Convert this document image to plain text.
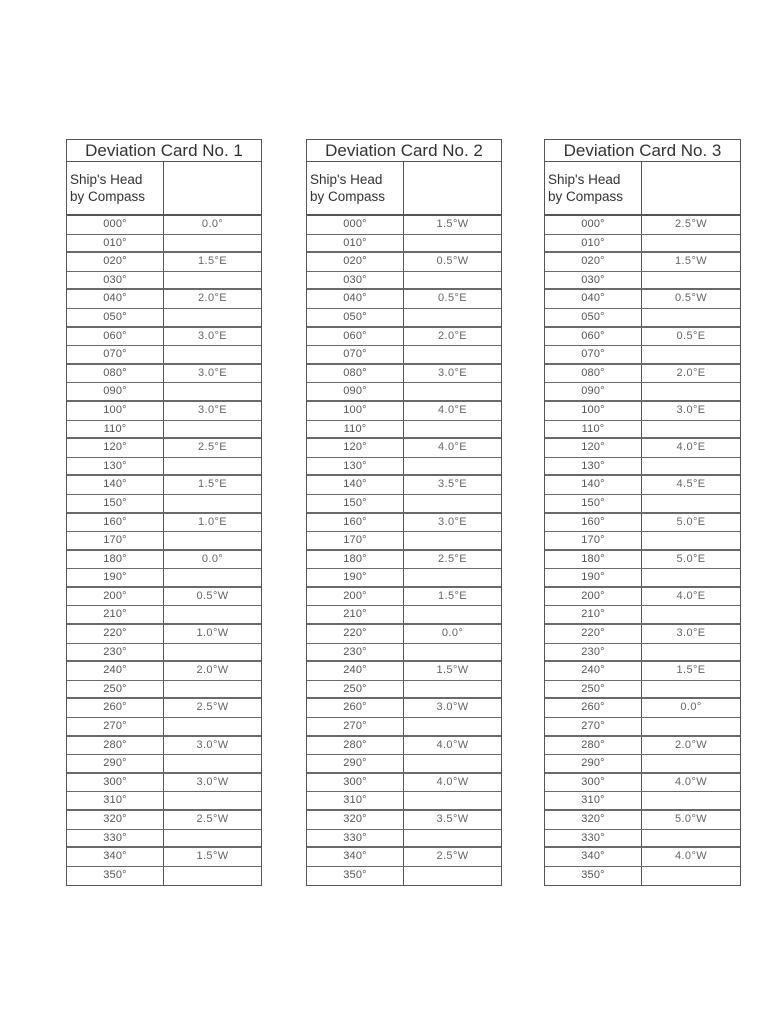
Deviation Card No. 1
Ship's Head
by Compass
000°	0.0°
010°
020°	1.5°E
030°
040°	2.0°E
050°
060°	3.0°E
070°
080°	3.0°E
090°
100°	3.0°E
110°
120°	2.5°E
130°
140°	1.5°E
150°
160°	1.0°E
170°
180°	0.0°
190°
200°	0.5°W
210°
220°	1.0°W
230°
240°	2.0°W
250°
260°	2.5°W
270°
280°	3.0°W
290°
300°	3.0°W
310°
320°	2.5°W
330°
340°	1.5°W
350°
Deviation Card No. 2
Ship's Head
by Compass
000°	1.5°W
010°
020°	0.5°W
030°
040°	0.5°E
050°
060°	2.0°E
070°
080°	3.0°E
090°
100°	4.0°E
110°
120°	4.0°E
130°
140°	3.5°E
150°
160°	3.0°E
170°
180°	2.5°E
190°
200°	1.5°E
210°
220°	0.0°
230°
240°	1.5°W
250°
260°	3.0°W
270°
280°	4.0°W
290°
300°	4.0°W
310°
320°	3.5°W
330°
340°	2.5°W
350°
Deviation Card No. 3
Ship's Head
by Compass
000°	2.5°W
010°
020°	1.5°W
030°
040°	0.5°W
050°
060°	0.5°E
070°
080°	2.0°E
090°
100°	3.0°E
110°
120°	4.0°E
130°
140°	4.5°E
150°
160°	5.0°E
170°
180°	5.0°E
190°
200°	4.0°E
210°
220°	3.0°E
230°
240°	1.5°E
250°
260°	0.0°
270°
280°	2.0°W
290°
300°	4.0°W
310°
320°	5.0°W
330°
340°	4.0°W
350°
